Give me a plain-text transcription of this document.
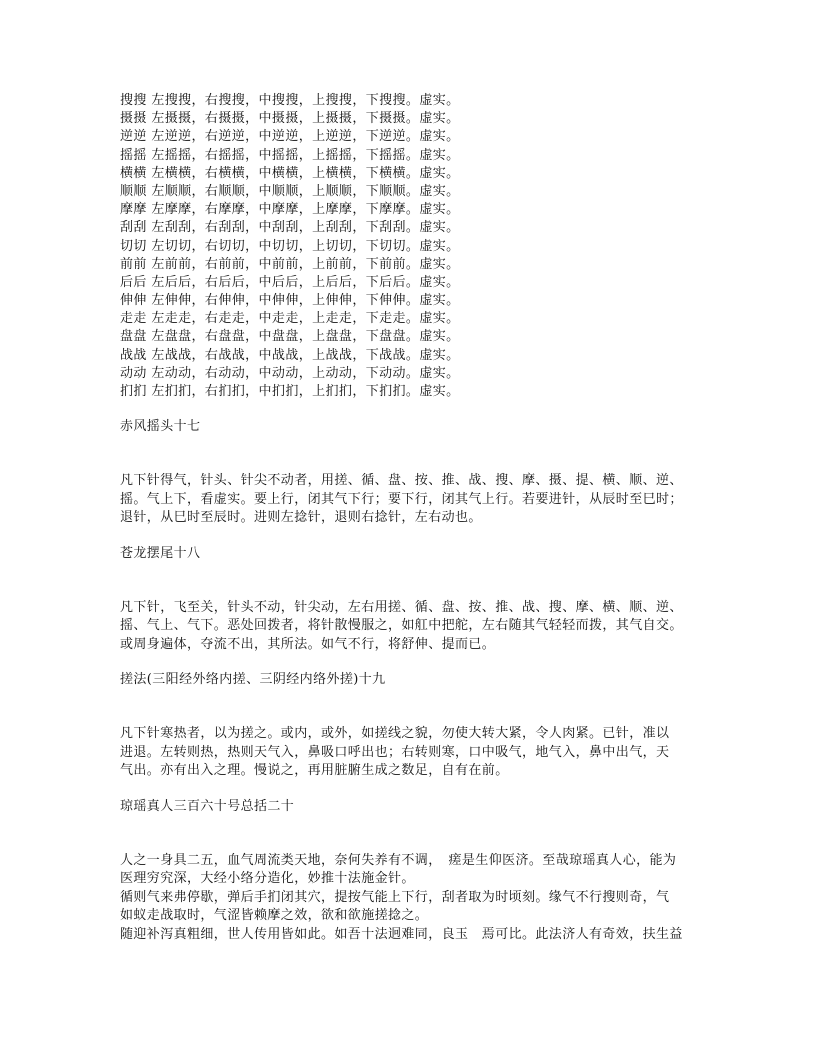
搜搜 左搜搜，右搜搜，中搜搜，上搜搜，下搜搜。虚实。
摄摄 左摄摄，右摄摄，中摄摄，上摄摄，下摄摄。虚实。
逆逆 左逆逆，右逆逆，中逆逆，上逆逆，下逆逆。虚实。
摇摇 左摇摇，右摇摇，中摇摇，上摇摇，下摇摇。虚实。
横横 左横横，右横横，中横横，上横横，下横横。虚实。
顺顺 左顺顺，右顺顺，中顺顺，上顺顺，下顺顺。虚实。
摩摩 左摩摩，右摩摩，中摩摩，上摩摩，下摩摩。虚实。
刮刮 左刮刮，右刮刮，中刮刮，上刮刮，下刮刮。虚实。
切切 左切切，右切切，中切切，上切切，下切切。虚实。
前前 左前前，右前前，中前前，上前前，下前前。虚实。
后后 左后后，右后后，中后后，上后后，下后后。虚实。
伸伸 左伸伸，右伸伸，中伸伸，上伸伸，下伸伸。虚实。
走走 左走走，右走走，中走走，上走走，下走走。虚实。
盘盘 左盘盘，右盘盘，中盘盘，上盘盘，下盘盘。虚实。
战战 左战战，右战战，中战战，上战战，下战战。虚实。
动动 左动动，右动动，中动动，上动动，下动动。虚实。
扪扪 左扪扪，右扪扪，中扪扪，上扪扪，下扪扪。虚实。
赤风摇头十七
凡下针得气，针头、针尖不动者，用搓、循、盘、按、推、战、搜、摩、摄、提、横、顺、逆、
摇。气上下，看虚实。要上行，闭其气下行；要下行，闭其气上行。若要进针，从辰时至巳时；
退针，从巳时至辰时。进则左捻针，退则右捻针，左右动也。
苍龙摆尾十八
凡下针，飞至关，针头不动，针尖动，左右用搓、循、盘、按、推、战、搜、摩、横、顺、逆、
摇、气上、气下。恶处回拨者，将针散慢服之，如舡中把舵，左右随其气轻轻而拨，其气自交。
或周身遍体，夺流不出，其所法。如气不行，将舒伸、提而已。
搓法(三阳经外络内搓、三阴经内络外搓)十九
凡下针寒热者，以为搓之。或内，或外，如搓线之貌，勿使大转大紧，令人肉紧。已针，准以
进退。左转则热，热则天气入，鼻吸口呼出也；右转则寒，口中吸气，地气入，鼻中出气，天
气出。亦有出入之理。慢说之，再用脏腑生成之数足，自有在前。
琼瑶真人三百六十号总括二十
人之一身具二五，血气周流类天地，奈何失养有不调，　瘥是生仰医济。至哉琼瑶真人心，能为
医理穷究深，大经小络分造化，妙推十法施金针。
循则气来弗停歇，弹后手扪闭其穴，提按气能上下行，刮者取为时顷刻。缘气不行搜则奇，气
如蚁走战取时，气涩皆赖摩之效，欲和欲施搓捻之。
随迎补泻真粗细，世人传用皆如此。如吾十法迥难同，良玉　焉可比。此法济人有奇效，扶生益
